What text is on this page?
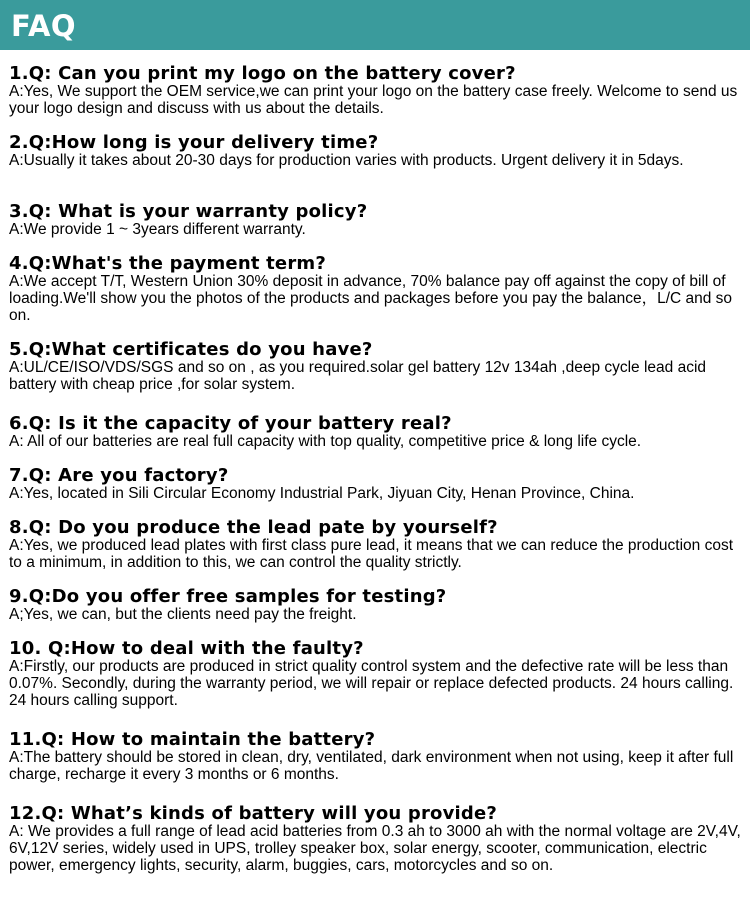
FAQ
1.Q: Can you print my logo on the battery cover?
A:Yes, We support the OEM service,we can print your logo on the battery case freely. Welcome to send us your logo design and discuss with us about the details.
2.Q:How long is your delivery time?
A:Usually it takes about 20-30 days for production varies with products. Urgent delivery it in 5days.
3.Q: What is your warranty policy?
A:We provide 1 ~ 3years different warranty.
4.Q:What's the payment term?
A:We accept T/T, Western Union 30% deposit in advance, 70% balance pay off against the copy of bill of loading.We'll show you the photos of the products and packages before you pay the balance，L/C and so on.
5.Q:What certificates do you have?
A:UL/CE/ISO/VDS/SGS and so on , as you required.solar gel battery 12v 134ah ,deep cycle lead acid battery with cheap price ,for solar system.
6.Q: Is it the capacity of your battery real?
A: All of our batteries are real full capacity with top quality, competitive price & long life cycle.
7.Q: Are you factory?
A:Yes, located in Sili Circular Economy Industrial Park, Jiyuan City, Henan Province, China.
8.Q: Do you produce the lead pate by yourself?
A:Yes, we produced lead plates with first class pure lead, it means that we can reduce the production cost to a minimum, in addition to this, we can control the quality strictly.
9.Q:Do you offer free samples for testing?
A;Yes, we can, but the clients need pay the freight.
10. Q:How to deal with the faulty?
A:Firstly, our products are produced in strict quality control system and the defective rate will be less than 0.07%. Secondly, during the warranty period, we will repair or replace defected products. 24 hours calling. 24 hours calling support.
11.Q: How to maintain the battery?
A:The battery should be stored in clean, dry, ventilated, dark environment when not using, keep it after full charge, recharge it every 3 months or 6 months.
12.Q: What’s kinds of battery will you provide?
A: We provides a full range of lead acid batteries from 0.3 ah to 3000 ah with the normal voltage are 2V,4V, 6V,12V series, widely used in UPS, trolley speaker box, solar energy, scooter, communication, electric power, emergency lights, security, alarm, buggies, cars, motorcycles and so on.
